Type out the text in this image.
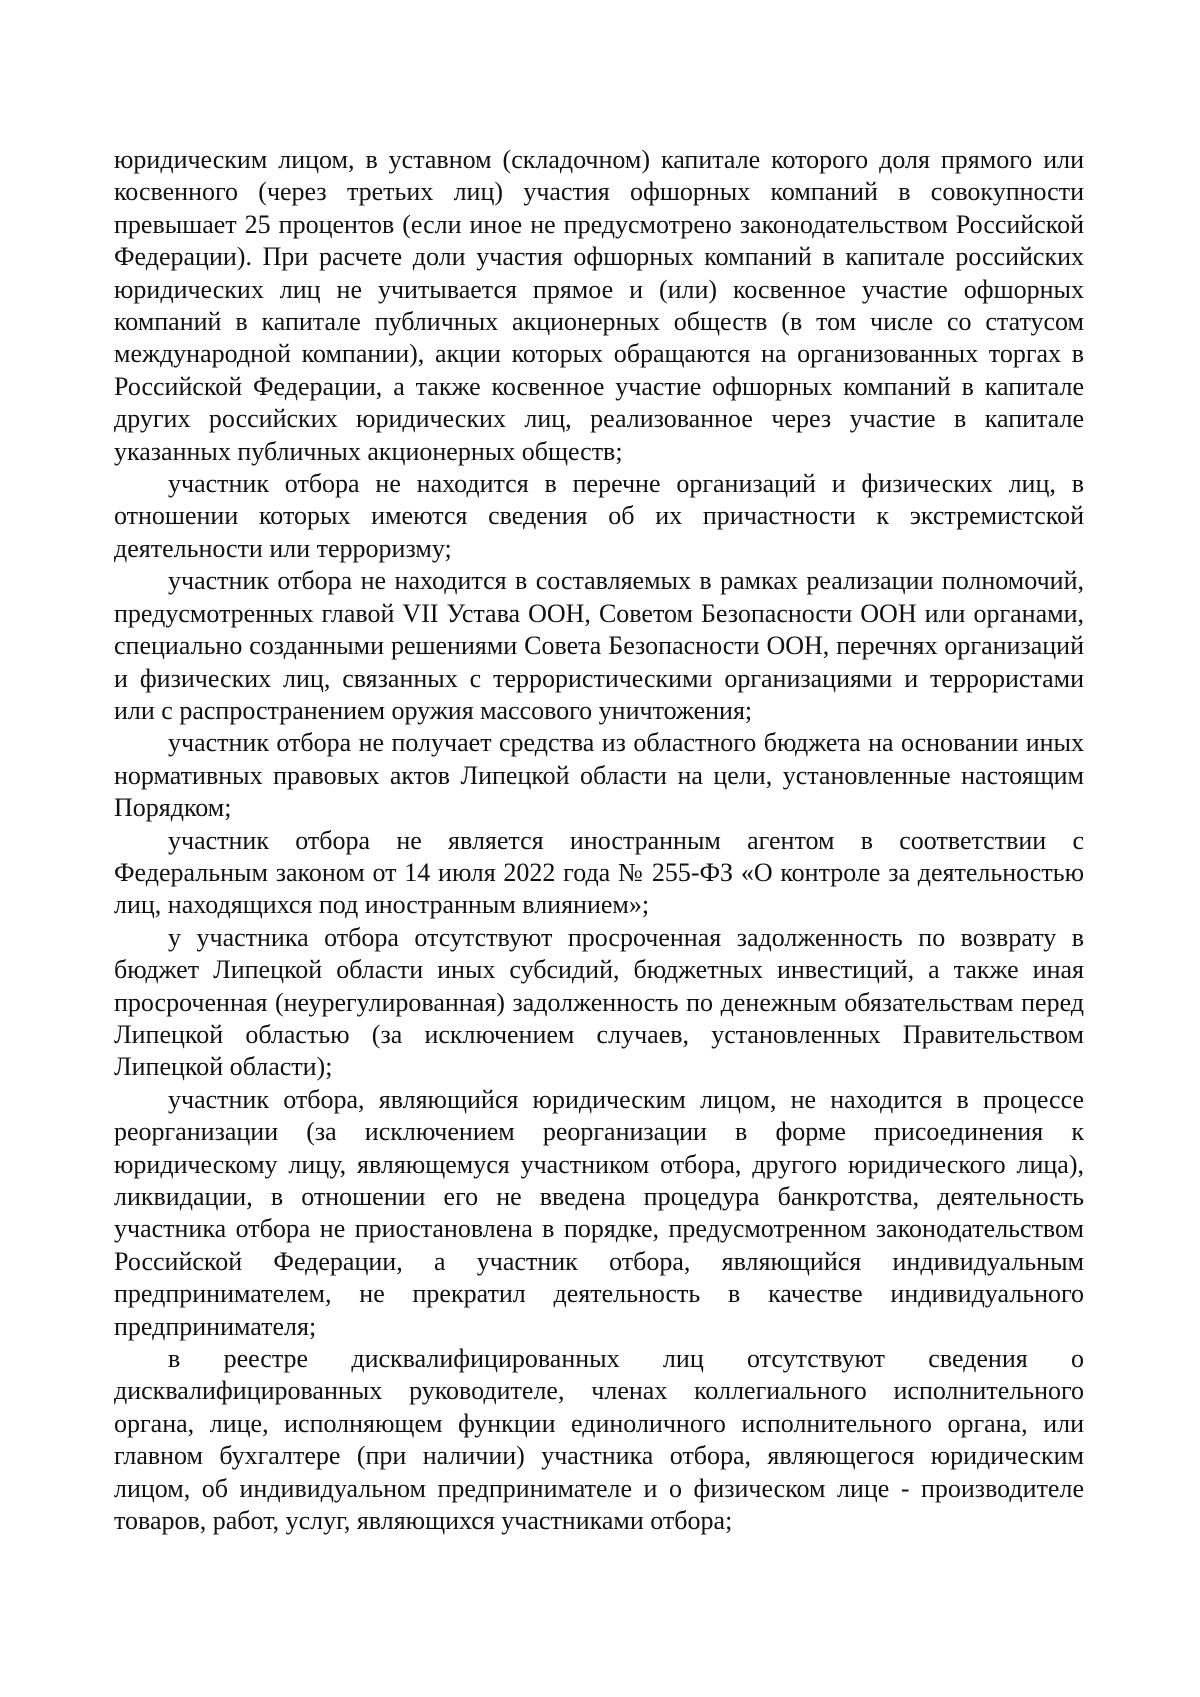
юридическим лицом, в уставном (складочном) капитале которого доля прямого или косвенного (через третьих лиц) участия офшорных компаний в совокупности превышает 25 процентов (если иное не предусмотрено законодательством Российской Федерации). При расчете доли участия офшорных компаний в капитале российских юридических лиц не учитывается прямое и (или) косвенное участие офшорных компаний в капитале публичных акционерных обществ (в том числе со статусом международной компании), акции которых обращаются на организованных торгах в Российской Федерации, а также косвенное участие офшорных компаний в капитале других российских юридических лиц, реализованное через участие в капитале указанных публичных акционерных обществ;

участник отбора не находится в перечне организаций и физических лиц, в отношении которых имеются сведения об их причастности к экстремистской деятельности или терроризму;

участник отбора не находится в составляемых в рамках реализации полномочий, предусмотренных главой VII Устава ООН, Советом Безопасности ООН или органами, специально созданными решениями Совета Безопасности ООН, перечнях организаций и физических лиц, связанных с террористическими организациями и террористами или с распространением оружия массового уничтожения;

участник отбора не получает средства из областного бюджета на основании иных нормативных правовых актов Липецкой области на цели, установленные настоящим Порядком;

участник отбора не является иностранным агентом в соответствии с Федеральным законом от 14 июля 2022 года № 255-ФЗ «О контроле за деятельностью лиц, находящихся под иностранным влиянием»;

у участника отбора отсутствуют просроченная задолженность по возврату в бюджет Липецкой области иных субсидий, бюджетных инвестиций, а также иная просроченная (неурегулированная) задолженность по денежным обязательствам перед Липецкой областью (за исключением случаев, установленных Правительством Липецкой области);

участник отбора, являющийся юридическим лицом, не находится в процессе реорганизации (за исключением реорганизации в форме присоединения к юридическому лицу, являющемуся участником отбора, другого юридического лица), ликвидации, в отношении его не введена процедура банкротства, деятельность участника отбора не приостановлена в порядке, предусмотренном законодательством Российской Федерации, а участник отбора, являющийся индивидуальным предпринимателем, не прекратил деятельность в качестве индивидуального предпринимателя;

в реестре дисквалифицированных лиц отсутствуют сведения о дисквалифицированных руководителе, членах коллегиального исполнительного органа, лице, исполняющем функции единоличного исполнительного органа, или главном бухгалтере (при наличии) участника отбора, являющегося юридическим лицом, об индивидуальном предпринимателе и о физическом лице - производителе товаров, работ, услуг, являющихся участниками отбора;
